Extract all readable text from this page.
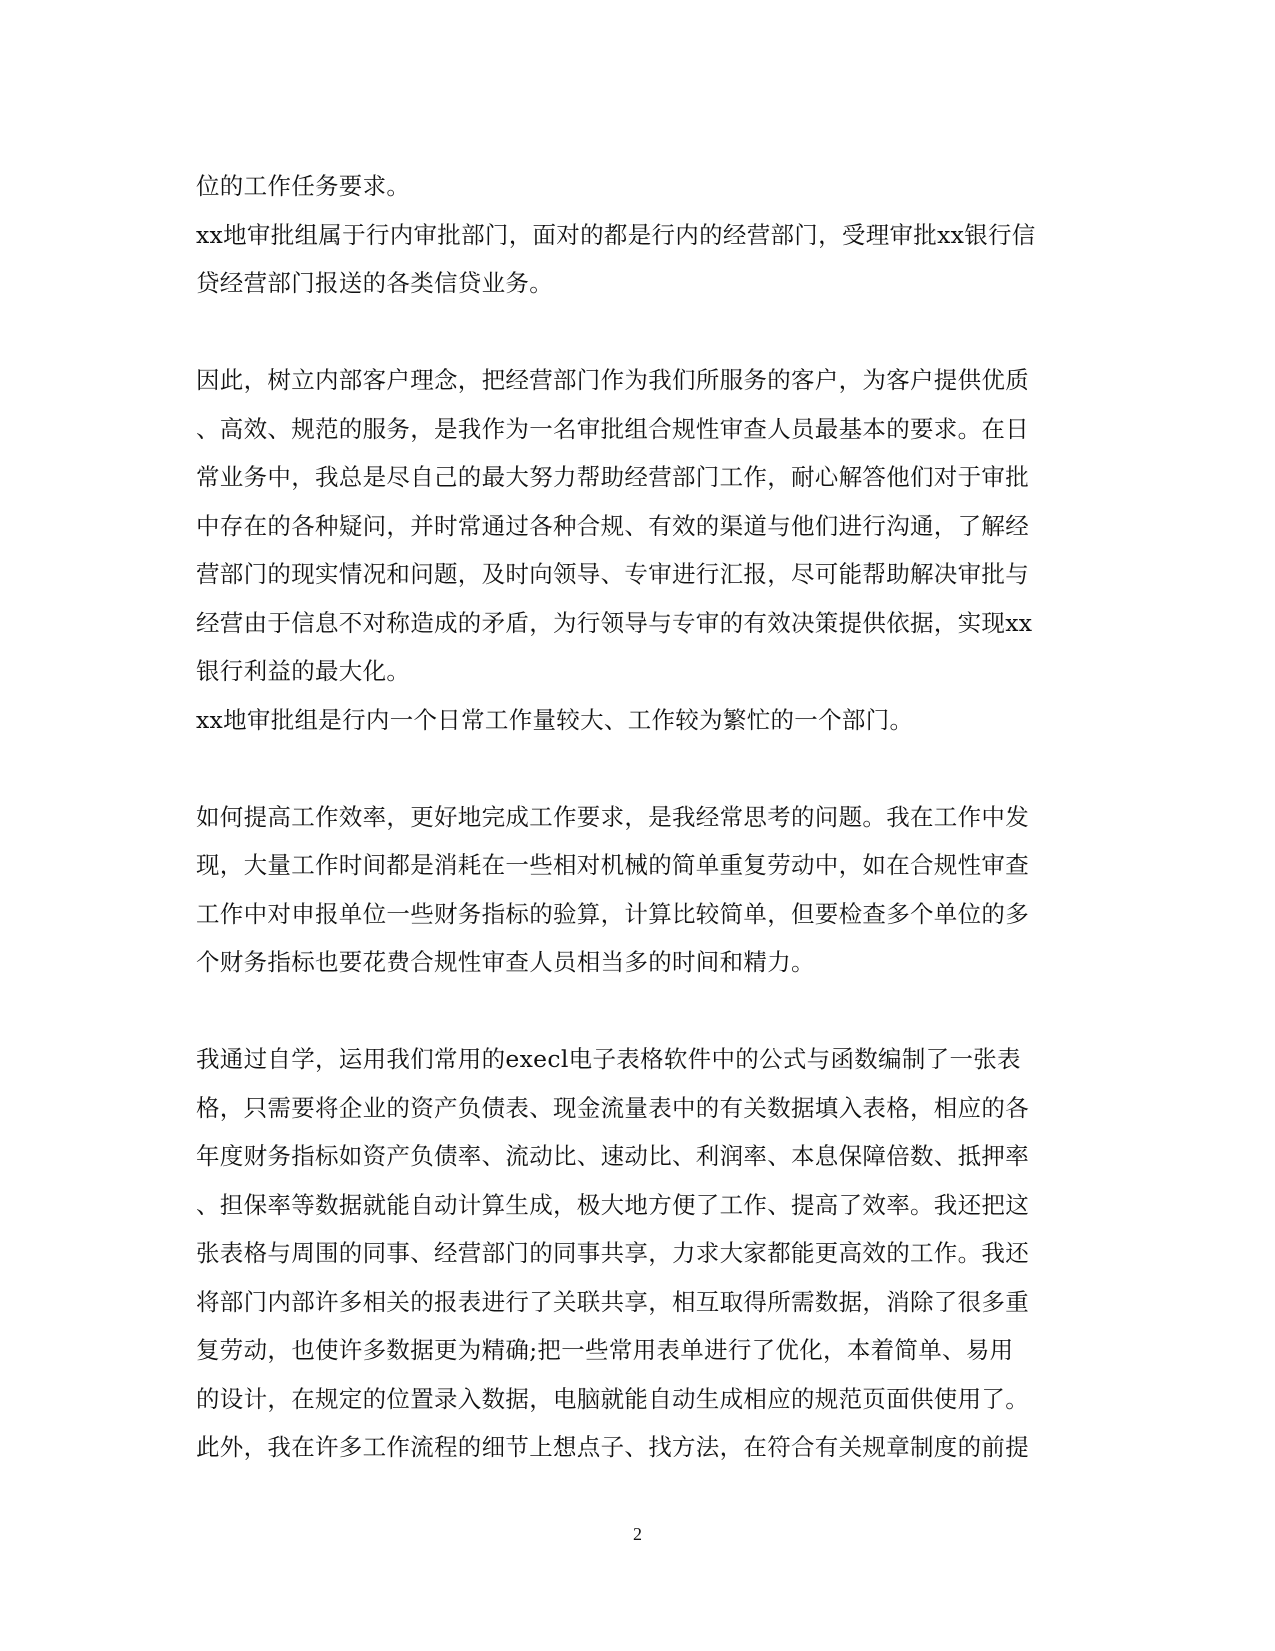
位的工作任务要求。
xx地审批组属于行内审批部门，面对的都是行内的经营部门，受理审批xx银行信
贷经营部门报送的各类信贷业务。
因此，树立内部客户理念，把经营部门作为我们所服务的客户，为客户提供优质
、高效、规范的服务，是我作为一名审批组合规性审查人员最基本的要求。在日
常业务中，我总是尽自己的最大努力帮助经营部门工作，耐心解答他们对于审批
中存在的各种疑问，并时常通过各种合规、有效的渠道与他们进行沟通，了解经
营部门的现实情况和问题，及时向领导、专审进行汇报，尽可能帮助解决审批与
经营由于信息不对称造成的矛盾，为行领导与专审的有效决策提供依据，实现xx
银行利益的最大化。
xx地审批组是行内一个日常工作量较大、工作较为繁忙的一个部门。
如何提高工作效率，更好地完成工作要求，是我经常思考的问题。我在工作中发
现，大量工作时间都是消耗在一些相对机械的简单重复劳动中，如在合规性审查
工作中对申报单位一些财务指标的验算，计算比较简单，但要检查多个单位的多
个财务指标也要花费合规性审查人员相当多的时间和精力。
我通过自学，运用我们常用的execl电子表格软件中的公式与函数编制了一张表
格，只需要将企业的资产负债表、现金流量表中的有关数据填入表格，相应的各
年度财务指标如资产负债率、流动比、速动比、利润率、本息保障倍数、抵押率
、担保率等数据就能自动计算生成，极大地方便了工作、提高了效率。我还把这
张表格与周围的同事、经营部门的同事共享，力求大家都能更高效的工作。我还
将部门内部许多相关的报表进行了关联共享，相互取得所需数据，消除了很多重
复劳动，也使许多数据更为精确;把一些常用表单进行了优化，本着简单、易用
的设计，在规定的位置录入数据，电脑就能自动生成相应的规范页面供使用了。
此外，我在许多工作流程的细节上想点子、找方法，在符合有关规章制度的前提
2
